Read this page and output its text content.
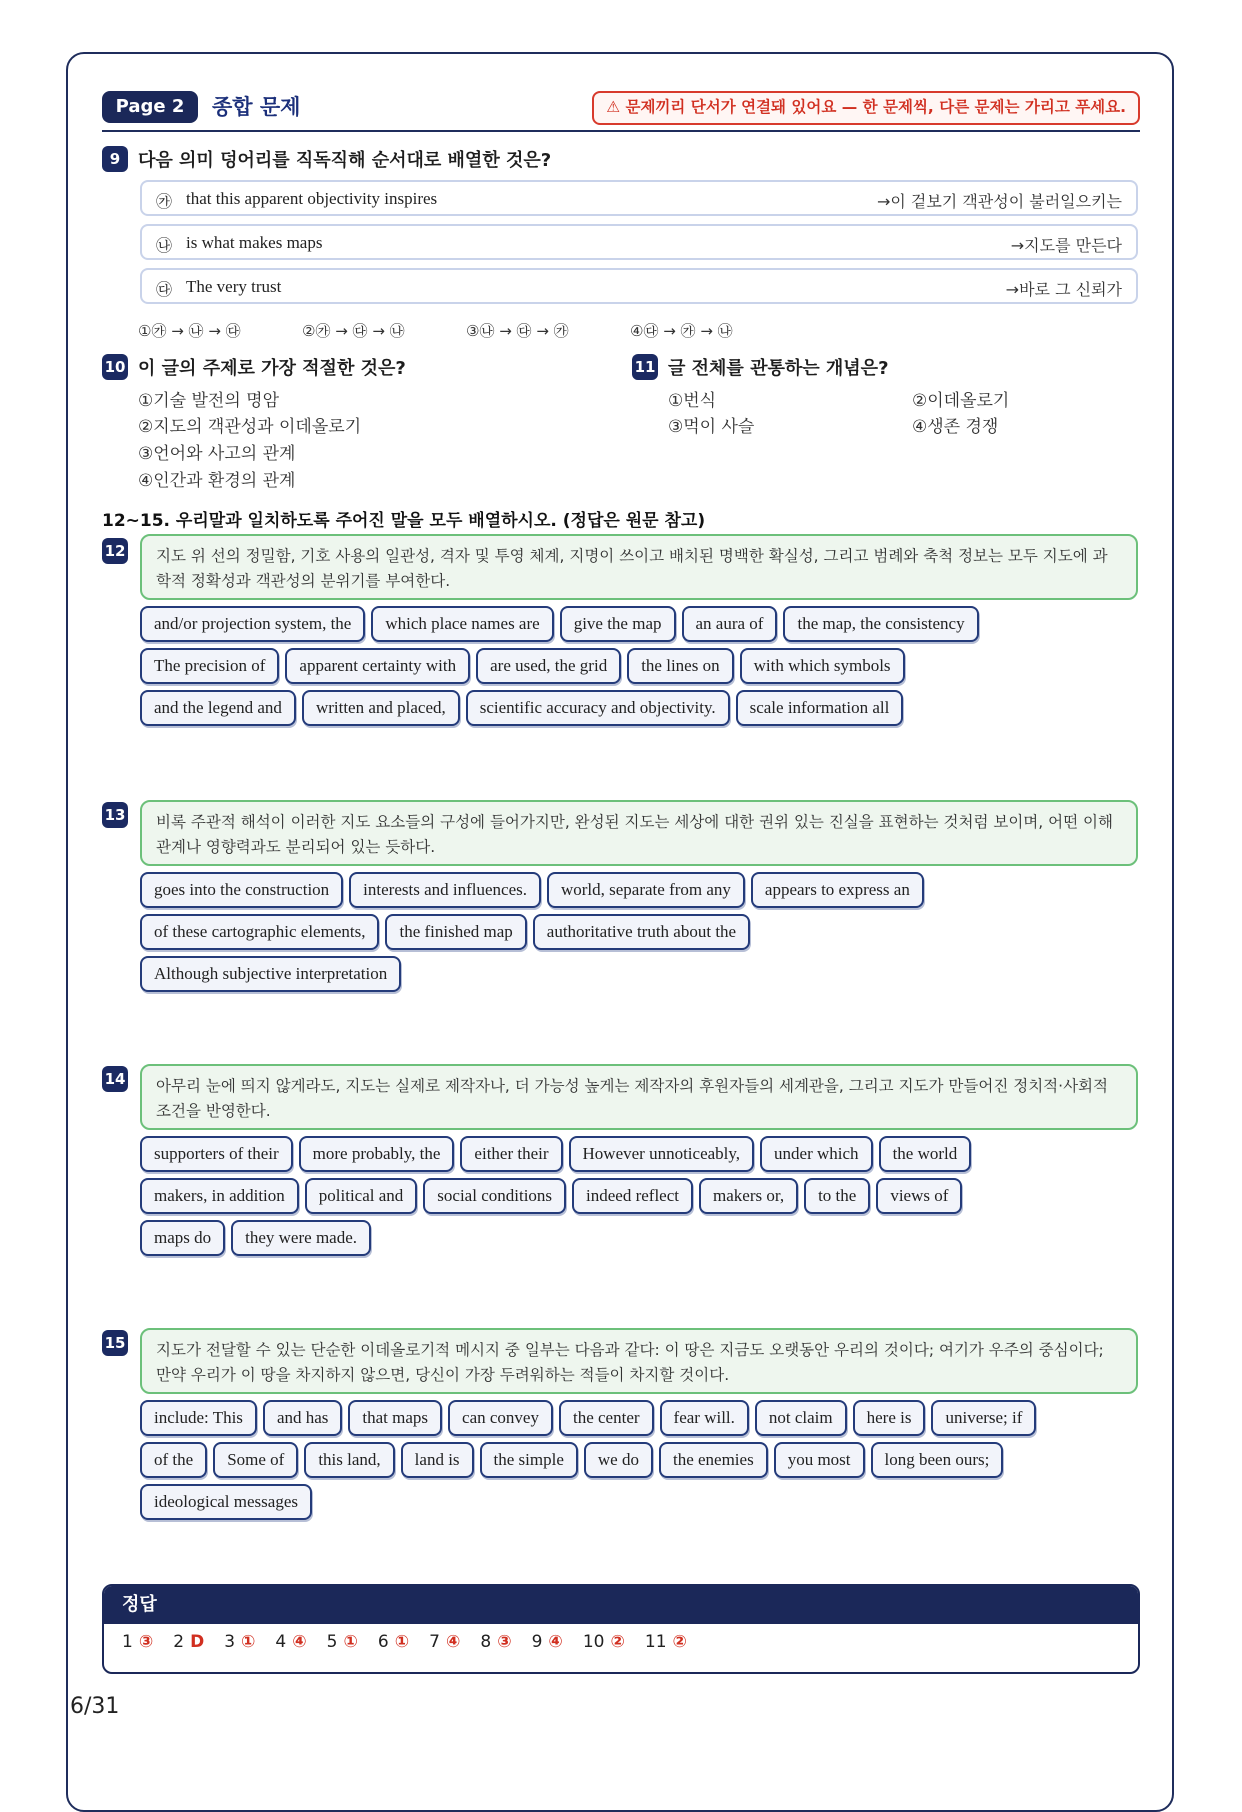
Page 2	종합 문제	⚠ 문제끼리 단서가 연결돼 있어요 — 한 문제씩, 다른 문제는 가리고 푸세요.
9 다음 의미 덩어리를 직독직해 순서대로 배열한 것은?
㉮ that this apparent objectivity inspires	→이 겉보기 객관성이 불러일으키는
㉯ is what makes maps	→지도를 만든다
㉰ The very trust	→바로 그 신뢰가
①㉮ → ㉯ → ㉰	②㉮ → ㉰ → ㉯	③㉯ → ㉰ → ㉮	④㉰ → ㉮ → ㉯
10 이 글의 주제로 가장 적절한 것은?
①기술 발전의 명암
②지도의 객관성과 이데올로기
③언어와 사고의 관계
④인간과 환경의 관계
11 글 전체를 관통하는 개념은?
①번식	②이데올로기
③먹이 사슬	④생존 경쟁
12~15. 우리말과 일치하도록 주어진 말을 모두 배열하시오. (정답은 원문 참고)
12	지도 위 선의 정밀함, 기호 사용의 일관성, 격자 및 투영 체계, 지명이 쓰이고 배치된 명백한 확실성, 그리고 범례와 축척 정보는 모두 지도에 과학적 정확성과 객관성의 분위기를 부여한다.
and/or projection system, the	which place names are	give the map	an aura of	the map, the consistency
The precision of	apparent certainty with	are used, the grid	the lines on	with which symbols
and the legend and	written and placed,	scientific accuracy and objectivity.	scale information all
13	비록 주관적 해석이 이러한 지도 요소들의 구성에 들어가지만, 완성된 지도는 세상에 대한 권위 있는 진실을 표현하는 것처럼 보이며, 어떤 이해관계나 영향력과도 분리되어 있는 듯하다.
goes into the construction	interests and influences.	world, separate from any	appears to express an
of these cartographic elements,	the finished map	authoritative truth about the
Although subjective interpretation
14	아무리 눈에 띄지 않게라도, 지도는 실제로 제작자나, 더 가능성 높게는 제작자의 후원자들의 세계관을, 그리고 지도가 만들어진 정치적·사회적 조건을 반영한다.
supporters of their	more probably, the	either their	However unnoticeably,	under which	the world
makers, in addition	political and	social conditions	indeed reflect	makers or,	to the	views of
maps do	they were made.
15	지도가 전달할 수 있는 단순한 이데올로기적 메시지 중 일부는 다음과 같다: 이 땅은 지금도 오랫동안 우리의 것이다; 여기가 우주의 중심이다; 만약 우리가 이 땅을 차지하지 않으면, 당신이 가장 두려워하는 적들이 차지할 것이다.
include: This	and has	that maps	can convey	the center	fear will.	not claim	here is	universe; if
of the	Some of	this land,	land is	the simple	we do	the enemies	you most	long been ours;
ideological messages
정답
1 ③ 2 D 3 ① 4 ④ 5 ① 6 ① 7 ④ 8 ③ 9 ④ 10 ② 11 ②
6/31
